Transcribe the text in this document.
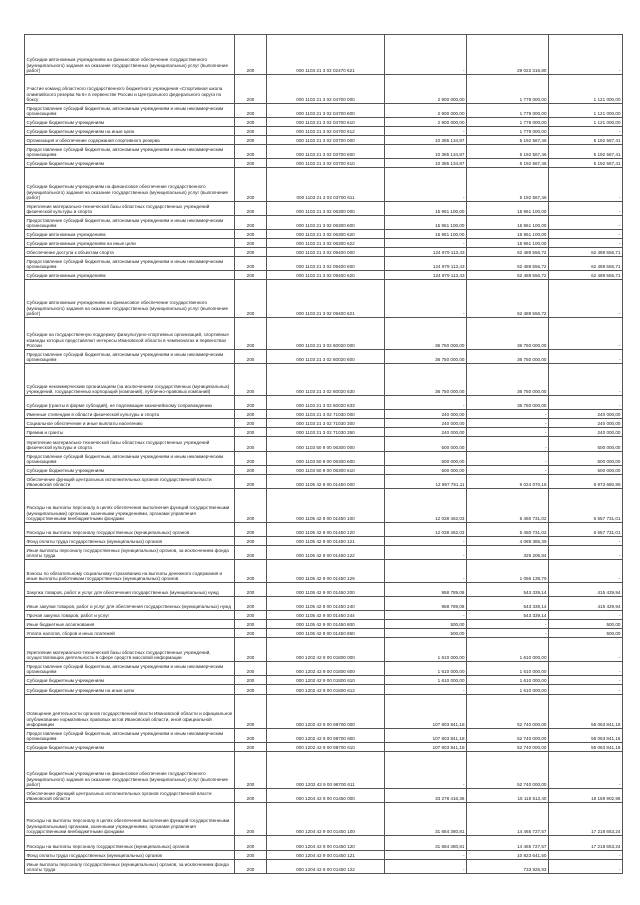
Субсидии автономным учреждениям на финансовое обеспечение государственного (муниципального) задания на оказание государственных (муниципальных) услуг (выполнение работ)	200	000 1103 21 3 02 02470 621	-	29 022 316,80	-
Участие команд областного государственного бюджетного учреждения «Спортивная школа олимпийского резерва № 6» в первенстве России и Центрального федерального округа по боксу	200	000 1103 21 3 02 04700 000	2 900 000,00	1 779 000,00	1 121 000,00
Предоставление субсидий бюджетным, автономным учреждениям и иным некоммерческим организациям	200	000 1103 21 3 02 04700 600	2 900 000,00	1 779 000,00	1 121 000,00
Субсидии бюджетным учреждениям	200	000 1103 21 3 02 04700 610	2 900 000,00	1 779 000,00	1 121 000,00
Субсидии бюджетным учреждениям на иные цели	200	000 1103 21 3 02 04700 612	-	1 779 000,00	-
Организация и обеспечение содержания спортивного резерва	200	000 1103 21 3 02 03700 000	10 385 134,87	5 192 567,46	5 192 567,41
Предоставление субсидий бюджетным, автономным учреждениям и иным некоммерческим организациям	200	000 1103 21 3 02 03700 600	10 385 134,87	5 192 567,46	5 192 567,41
Субсидии бюджетным учреждениям	200	000 1103 21 3 02 03700 610	10 385 134,87	5 192 567,46	5 192 567,41
Субсидии бюджетным учреждениям на финансовое обеспечение государственного (муниципального) задания на оказание государственных (муниципальных) услуг (выполнение работ)	200	000 1103 21 3 02 03700 611	-	5 192 567,46	-
Укрепление материально-технической базы областных государственных учреждений физической культуры и спорта	200	000 1103 21 3 02 06300 000	15 961 100,00	15 961 100,00	-
Предоставление субсидий бюджетным, автономным учреждениям и иным некоммерческим организациям	200	000 1103 21 3 02 06300 600	15 961 100,00	15 961 100,00	-
Субсидии автономным учреждениям	200	000 1103 21 3 02 06300 620	15 961 100,00	15 961 100,00	-
Субсидии автономным учреждениям на иные цели	200	000 1103 21 3 02 06300 622	-	15 961 100,00	-
Обеспечение доступа к объектам спорта	200	000 1103 21 3 02 09400 000	124 979 113,43	62 489 556,72	62 489 556,71
Предоставление субсидий бюджетным, автономным учреждениям и иным некоммерческим организациям	200	000 1103 21 3 02 09400 600	124 979 113,43	62 489 556,72	62 489 556,71
Субсидии автономным учреждениям	200	000 1103 21 3 02 09400 620	124 979 113,43	62 489 556,72	62 489 556,71
Субсидии автономным учреждениям на финансовое обеспечение государственного (муниципального) задания на оказание государственных (муниципальных) услуг (выполнение работ)	200	000 1103 21 3 02 09400 621	-	62 489 556,72	-
Субсидии на государственную поддержку физкультурно-спортивных организаций, спортивные команды которых представляют интересы Ивановской области в чемпионатах и первенствах России	200	000 1103 21 3 02 60020 000	36 750 000,00	36 750 000,00	-
Предоставление субсидий бюджетным, автономным учреждениям и иным некоммерческим организациям	200	000 1103 21 3 02 60020 600	36 750 000,00	36 750 000,00	-
Субсидии некоммерческим организациям (за исключением государственных (муниципальных) учреждений, государственных корпораций (компаний), публично-правовых компаний)	200	000 1103 21 3 02 60020 630	36 750 000,00	36 750 000,00	-
Субсидии (гранты в форме субсидий), не подлежащие казначейскому сопровождению	200	000 1103 21 3 02 60020 633	-	36 750 000,00	-
Именные стипендии в области физической культуры и спорта	200	000 1103 21 3 02 71030 000	240 000,00	-	240 000,00
Социальное обеспечение и иные выплаты населению	200	000 1103 21 3 02 71030 300	240 000,00	-	240 000,00
Премии и гранты	200	000 1103 21 3 02 71030 350	240 000,00	-	240 000,00
Укрепление материально-технической базы областных государственных учреждений физической культуры и спорта	200	000 1103 50 9 00 06300 000	500 000,00	-	500 000,00
Предоставление субсидий бюджетным, автономным учреждениям и иным некоммерческим организациям	200	000 1103 50 9 00 06300 600	500 000,00	-	500 000,00
Субсидии бюджетным учреждениям	200	000 1103 50 9 00 06300 610	500 000,00	-	500 000,00
Обеспечение функций центральных исполнительных органов государственной власти Ивановской области	200	000 1105 42 9 00 01450 000	12 997 751,11	6 024 070,16	6 973 680,95
Расходы на выплаты персоналу в целях обеспечения выполнения функций государственными (муниципальными) органами, казенными учреждениями, органами управления государственными внебюджетными фондами	200	000 1105 42 9 00 01450 100	12 038 462,03	5 480 731,02	6 557 731,01
Расходы на выплаты персоналу государственных (муниципальных) органов	200	000 1105 42 9 00 01450 120	12 038 462,03	5 480 731,02	6 557 731,01
Фонд оплаты труда государственных (муниципальных) органов	200	000 1105 42 9 00 01450 121	-	4 089 385,39	-
Иные выплаты персоналу государственных (муниципальных) органов, за исключением фонда оплаты труда	200	000 1105 42 9 00 01450 122	-	325 206,84	-
Взносы по обязательному социальному страхованию на выплаты денежного содержания и иные выплаты работникам государственных (муниципальных) органов	200	000 1105 42 9 00 01450 129	-	1 066 138,79	-
Закупка товаров, работ и услуг для обеспечения государственных (муниципальных) нужд	200	000 1105 42 9 00 01450 200	958 789,08	543 339,14	415 429,94
Иные закупки товаров, работ и услуг для обеспечения государственных (муниципальных) нужд	200	000 1105 42 9 00 01450 240	958 789,08	543 339,14	415 429,94
Прочая закупка товаров, работ и услуг	200	000 1105 42 9 00 01450 244	-	543 339,14	-
Иные бюджетные ассигнования	200	000 1105 42 9 00 01450 800	500,00	-	500,00
Уплата налогов, сборов и иных платежей	200	000 1105 42 9 00 01450 850	500,00	-	500,00
Укрепление материально-технической базы областных государственных учреждений, осуществляющих деятельность в сфере средств массовой информации	200	000 1202 42 9 00 01800 000	1 610 000,00	1 610 000,00	-
Предоставление субсидий бюджетным, автономным учреждениям и иным некоммерческим организациям	200	000 1202 42 9 00 01800 600	1 610 000,00	1 610 000,00	-
Субсидии бюджетным учреждениям	200	000 1202 42 9 00 01800 610	1 610 000,00	1 610 000,00	-
Субсидии бюджетным учреждениям на иные цели	200	000 1202 42 9 00 01800 612	-	1 610 000,00	-
Освещение деятельности органов государственной власти Ивановской области и официальное опубликование нормативных правовых актов Ивановской области, иной официальной информации	200	000 1202 42 9 00 98700 000	107 803 841,18	52 740 000,00	55 063 841,18
Предоставление субсидий бюджетным, автономным учреждениям и иным некоммерческим организациям	200	000 1202 42 9 00 98700 600	107 803 841,18	52 740 000,00	55 063 841,18
Субсидии бюджетным учреждениям	200	000 1202 42 9 00 98700 610	107 803 841,18	52 740 000,00	55 063 841,18
Субсидии бюджетным учреждениям на финансовое обеспечение государственного (муниципального) задания на оказание государственных (муниципальных) услуг (выполнение работ)	200	000 1202 42 9 00 98700 611	-	52 740 000,00	-
Обеспечение функций центральных исполнительных органов государственной власти Ивановской области	200	000 1204 42 9 00 01450 000	33 278 416,36	15 118 513,40	18 159 902,96
Расходы на выплаты персоналу в целях обеспечения выполнения функций государственными (муниципальными) органами, казенными учреждениями, органами управления государственными внебюджетными фондами	200	000 1204 42 9 00 01450 100	31 684 380,81	14 465 727,57	17 218 653,24
Расходы на выплаты персоналу государственных (муниципальных) органов	200	000 1204 42 9 00 01450 120	31 684 380,81	14 465 727,57	17 218 653,24
Фонд оплаты труда государственных (муниципальных) органов	200	000 1204 42 9 00 01450 121	-	10 823 641,50	-
Иные выплаты персоналу государственных (муниципальных) органов, за исключением фонда оплаты труда	200	000 1204 42 9 00 01450 122	-	733 925,93	-
